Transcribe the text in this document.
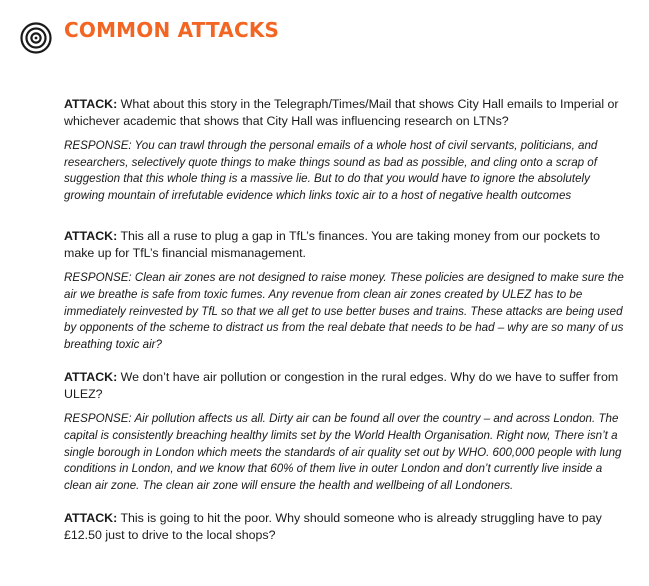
COMMON ATTACKS

ATTACK: What about this story in the Telegraph/Times/Mail that shows City Hall emails to Imperial or whichever academic that shows that City Hall was influencing research on LTNs?

RESPONSE: You can trawl through the personal emails of a whole host of civil servants, politicians, and researchers, selectively quote things to make things sound as bad as possible, and cling onto a scrap of suggestion that this whole thing is a massive lie. But to do that you would have to ignore the absolutely growing mountain of irrefutable evidence which links toxic air to a host of negative health outcomes

ATTACK: This all a ruse to plug a gap in TfL’s finances. You are taking money from our pockets to make up for TfL’s financial mismanagement.

RESPONSE: Clean air zones are not designed to raise money. These policies are designed to make sure the air we breathe is safe from toxic fumes. Any revenue from clean air zones created by ULEZ has to be immediately reinvested by TfL so that we all get to use better buses and trains. These attacks are being used by opponents of the scheme to distract us from the real debate that needs to be had – why are so many of us breathing toxic air?

ATTACK: We don’t have air pollution or congestion in the rural edges. Why do we have to suffer from ULEZ?

RESPONSE: Air pollution affects us all. Dirty air can be found all over the country – and across London. The capital is consistently breaching healthy limits set by the World Health Organisation. Right now, There isn’t a single borough in London which meets the standards of air quality set out by WHO. 600,000 people with lung conditions in London, and we know that 60% of them live in outer London and don’t currently live inside a clean air zone. The clean air zone will ensure the health and wellbeing of all Londoners.

ATTACK: This is going to hit the poor. Why should someone who is already struggling have to pay £12.50 just to drive to the local shops?
